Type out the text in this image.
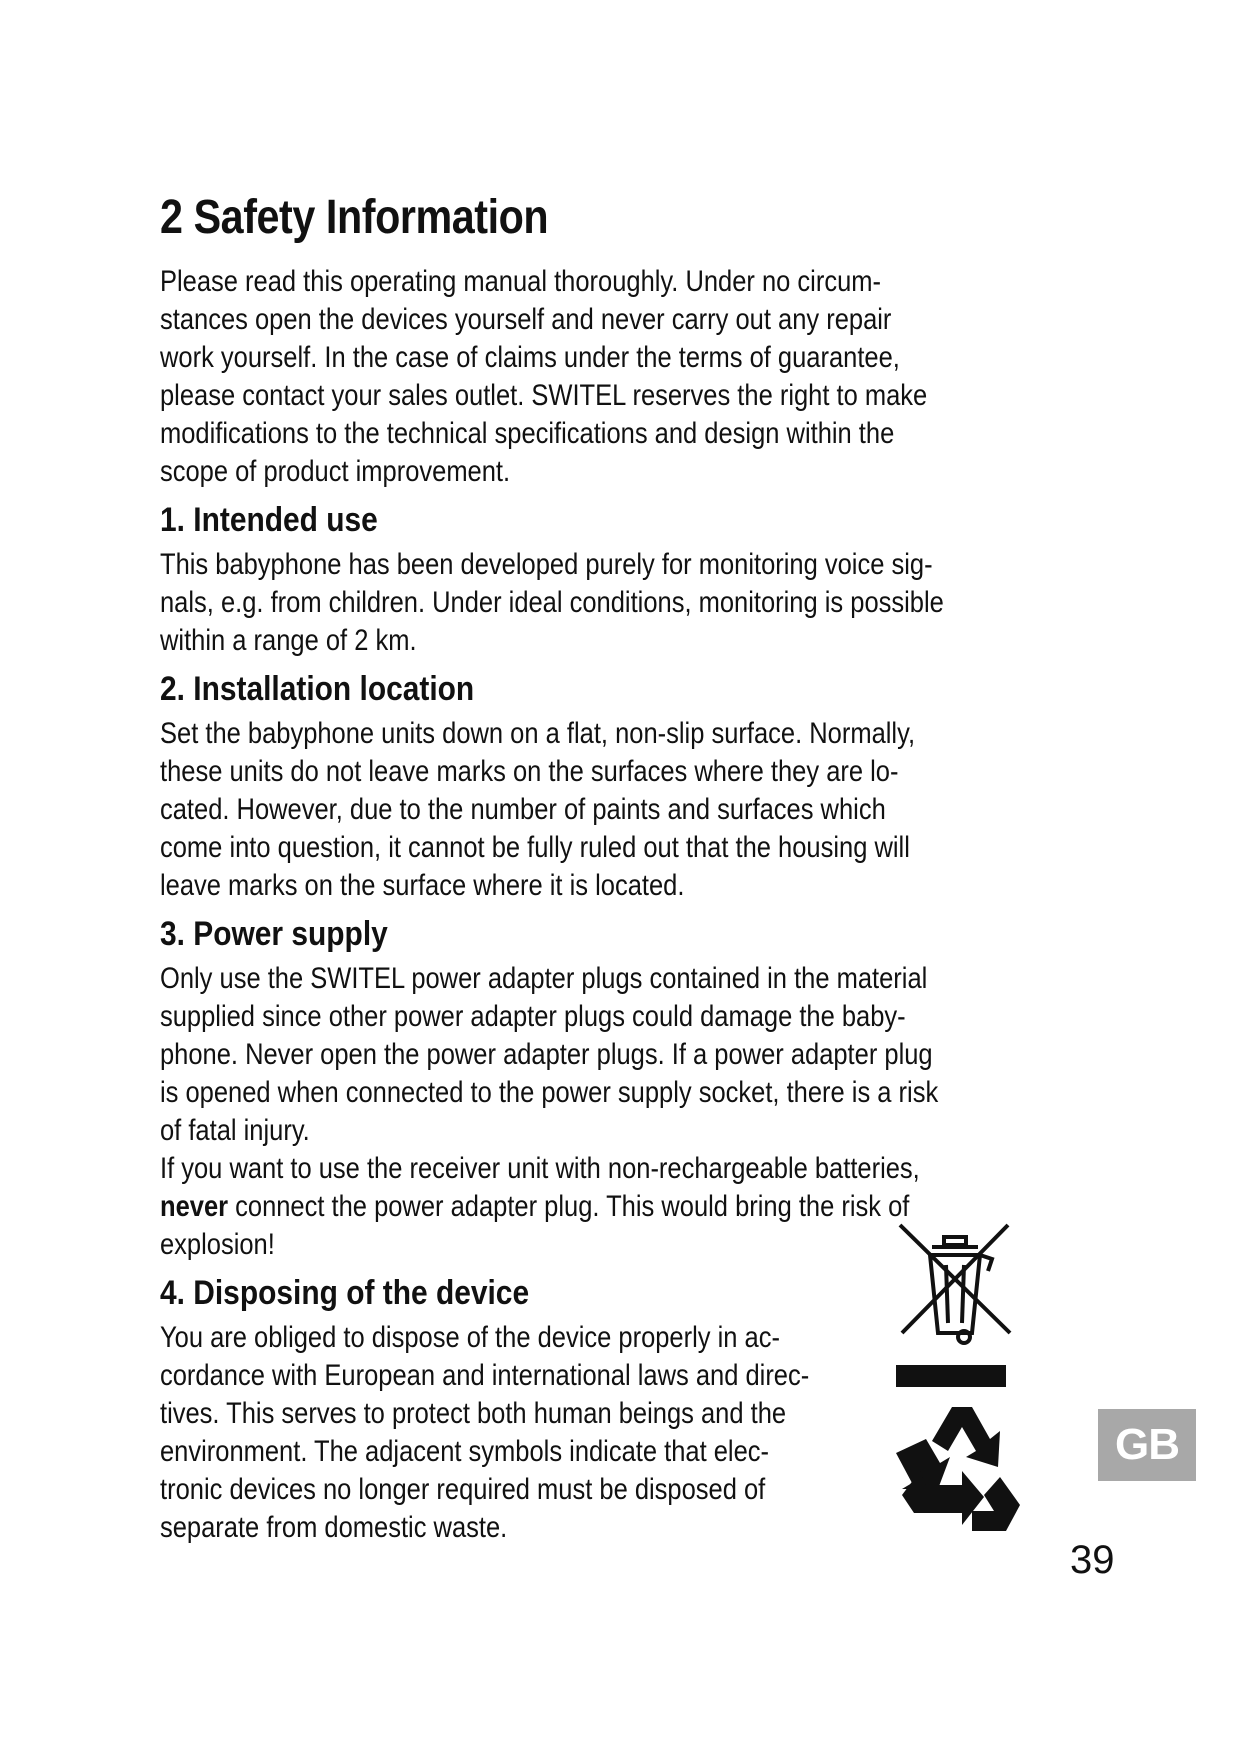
2 Safety Information

Please read this operating manual thoroughly. Under no circum-
stances open the devices yourself and never carry out any repair
work yourself. In the case of claims under the terms of guarantee,
please contact your sales outlet. SWITEL reserves the right to make
modifications to the technical specifications and design within the
scope of product improvement.

1. Intended use

This babyphone has been developed purely for monitoring voice sig-
nals, e.g. from children. Under ideal conditions, monitoring is possible
within a range of 2 km.

2. Installation location

Set the babyphone units down on a flat, non-slip surface. Normally,
these units do not leave marks on the surfaces where they are lo-
cated. However, due to the number of paints and surfaces which
come into question, it cannot be fully ruled out that the housing will
leave marks on the surface where it is located.

3. Power supply

Only use the SWITEL power adapter plugs contained in the material
supplied since other power adapter plugs could damage the baby-
phone. Never open the power adapter plugs. If a power adapter plug
is opened when connected to the power supply socket, there is a risk
of fatal injury.
If you want to use the receiver unit with non-rechargeable batteries,
never connect the power adapter plug. This would bring the risk of
explosion!

4. Disposing of the device

You are obliged to dispose of the device properly in ac-
cordance with European and international laws and direc-
tives. This serves to protect both human beings and the
environment. The adjacent symbols indicate that elec-
tronic devices no longer required must be disposed of
separate from domestic waste.

GB
39
